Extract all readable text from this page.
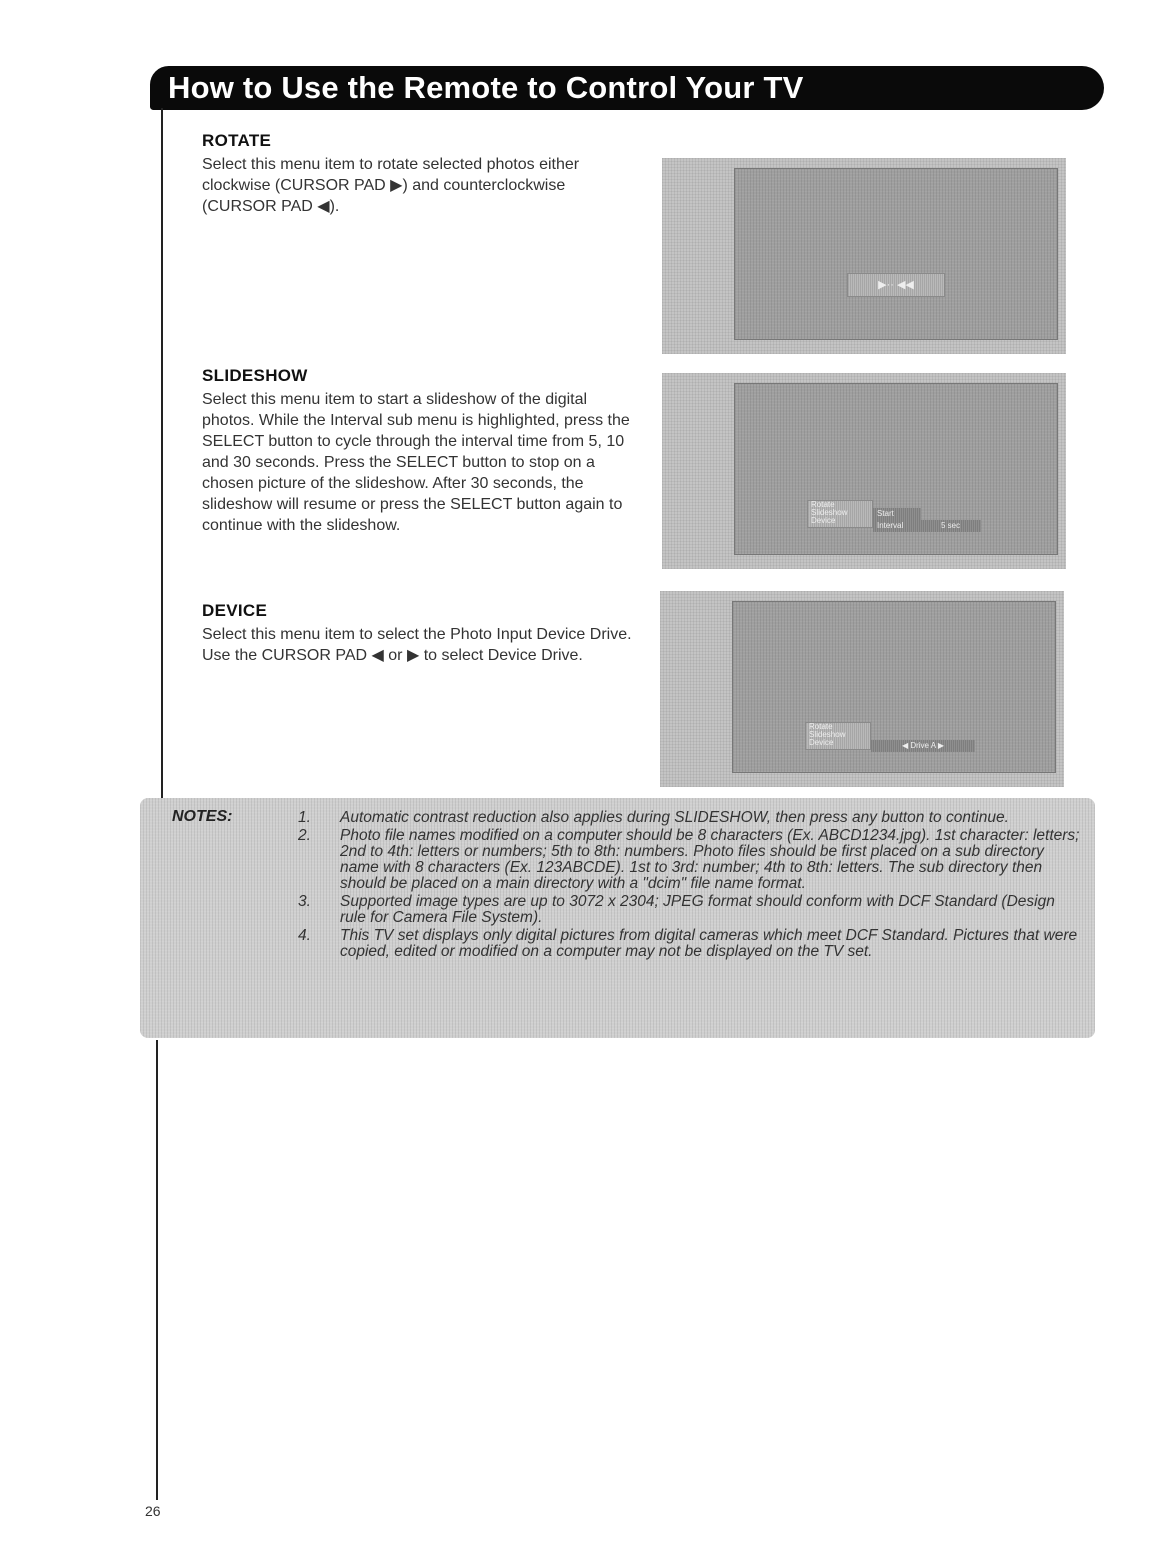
How to Use the Remote to Control Your TV

ROTATE

Select this menu item to rotate selected photos either clockwise (CURSOR PAD ▶) and counterclockwise (CURSOR PAD ◀).

SLIDESHOW

Select this menu item to start a slideshow of the digital photos. While the Interval sub menu is highlighted, press the SELECT button to cycle through the interval time from 5, 10 and 30 seconds. Press the SELECT button to stop on a chosen picture of the slideshow. After 30 seconds, the slideshow will resume or press the SELECT button again to continue with the slideshow.

DEVICE

Select this menu item to select the Photo Input Device Drive. Use the CURSOR PAD ◀ or ▶ to select Device Drive.

▶·· ◀◀
Rotate
Slideshow
Device
Start
Interval	5 sec
Rotate
Slideshow
Device	◀ Drive A ▶
NOTES:	1. Automatic contrast reduction also applies during SLIDESHOW, then press any button to continue.
2. Photo file names modified on a computer should be 8 characters (Ex. ABCD1234.jpg). 1st character: letters; 2nd to 4th: letters or numbers; 5th to 8th: numbers. Photo files should be first placed on a sub directory name with 8 characters (Ex. 123ABCDE). 1st to 3rd: number; 4th to 8th: letters. The sub directory then should be placed on a main directory with a "dcim" file name format.
3. Supported image types are up to 3072 x 2304; JPEG format should conform with DCF Standard (Design rule for Camera File System).
4. This TV set displays only digital pictures from digital cameras which meet DCF Standard. Pictures that were copied, edited or modified on a computer may not be displayed on the TV set.
26
